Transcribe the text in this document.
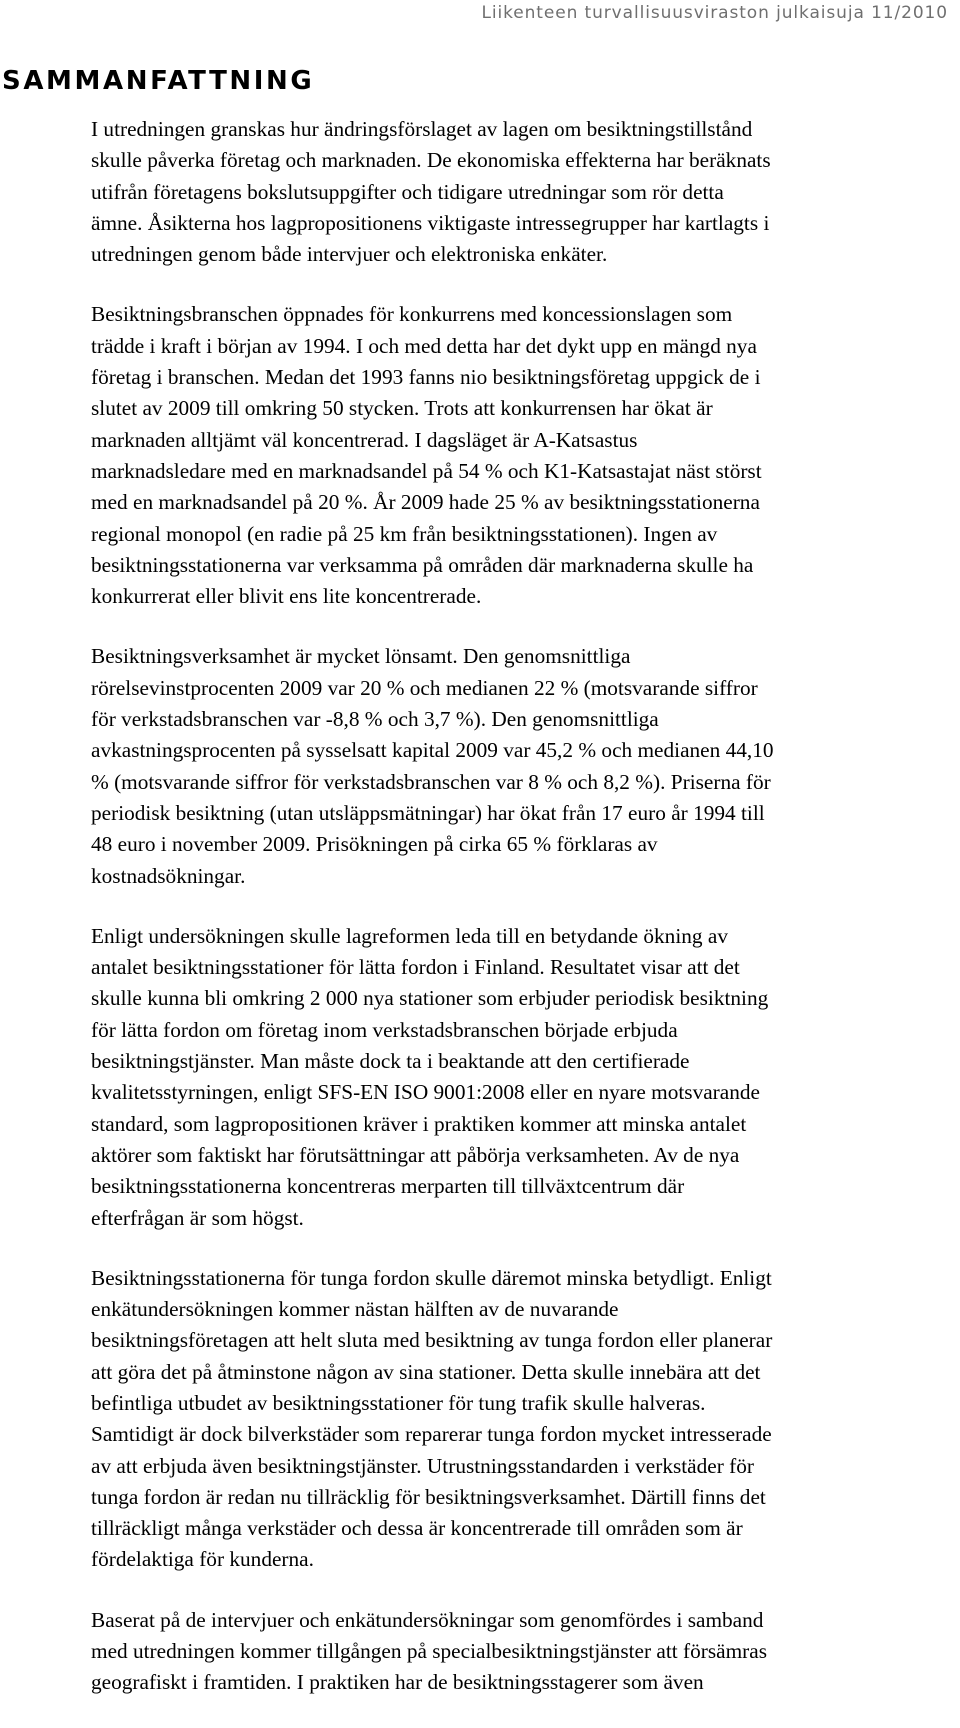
Liikenteen turvallisuusviraston julkaisuja 11/2010
SAMMANFATTNING

I utredningen granskas hur ändringsförslaget av lagen om besiktningstillstånd
skulle påverka företag och marknaden. De ekonomiska effekterna har beräknats
utifrån företagens bokslutsuppgifter och tidigare utredningar som rör detta
ämne. Åsikterna hos lagpropositionens viktigaste intressegrupper har kartlagts i
utredningen genom både intervjuer och elektroniska enkäter.

Besiktningsbranschen öppnades för konkurrens med koncessionslagen som
trädde i kraft i början av 1994. I och med detta har det dykt upp en mängd nya
företag i branschen. Medan det 1993 fanns nio besiktningsföretag uppgick de i
slutet av 2009 till omkring 50 stycken. Trots att konkurrensen har ökat är
marknaden alltjämt väl koncentrerad. I dagsläget är A-Katsastus
marknadsledare med en marknadsandel på 54 % och K1-Katsastajat näst störst
med en marknadsandel på 20 %. År 2009 hade 25 % av besiktningsstationerna
regional monopol (en radie på 25 km från besiktningsstationen). Ingen av
besiktningsstationerna var verksamma på områden där marknaderna skulle ha
konkurrerat eller blivit ens lite koncentrerade.

Besiktningsverksamhet är mycket lönsamt. Den genomsnittliga
rörelsevinstprocenten 2009 var 20 % och medianen 22 % (motsvarande siffror
för verkstadsbranschen var -8,8 % och 3,7 %). Den genomsnittliga
avkastningsprocenten på sysselsatt kapital 2009 var 45,2 % och medianen 44,10
% (motsvarande siffror för verkstadsbranschen var 8 % och 8,2 %). Priserna för
periodisk besiktning (utan utsläppsmätningar) har ökat från 17 euro år 1994 till
48 euro i november 2009. Prisökningen på cirka 65 % förklaras av
kostnadsökningar.

Enligt undersökningen skulle lagreformen leda till en betydande ökning av
antalet besiktningsstationer för lätta fordon i Finland. Resultatet visar att det
skulle kunna bli omkring 2 000 nya stationer som erbjuder periodisk besiktning
för lätta fordon om företag inom verkstadsbranschen började erbjuda
besiktningstjänster. Man måste dock ta i beaktande att den certifierade
kvalitetsstyrningen, enligt SFS-EN ISO 9001:2008 eller en nyare motsvarande
standard, som lagpropositionen kräver i praktiken kommer att minska antalet
aktörer som faktiskt har förutsättningar att påbörja verksamheten. Av de nya
besiktningsstationerna koncentreras merparten till tillväxtcentrum där
efterfrågan är som högst.

Besiktningsstationerna för tunga fordon skulle däremot minska betydligt. Enligt
enkätundersökningen kommer nästan hälften av de nuvarande
besiktningsföretagen att helt sluta med besiktning av tunga fordon eller planerar
att göra det på åtminstone någon av sina stationer. Detta skulle innebära att det
befintliga utbudet av besiktningsstationer för tung trafik skulle halveras.
Samtidigt är dock bilverkstäder som reparerar tunga fordon mycket intresserade
av att erbjuda även besiktningstjänster. Utrustningsstandarden i verkstäder för
tunga fordon är redan nu tillräcklig för besiktningsverksamhet. Därtill finns det
tillräckligt många verkstäder och dessa är koncentrerade till områden som är
fördelaktiga för kunderna.

Baserat på de intervjuer och enkätundersökningar som genomfördes i samband
med utredningen kommer tillgången på specialbesiktningstjänster att försämras
geografiskt i framtiden. I praktiken har de besiktningsstagerer som även
